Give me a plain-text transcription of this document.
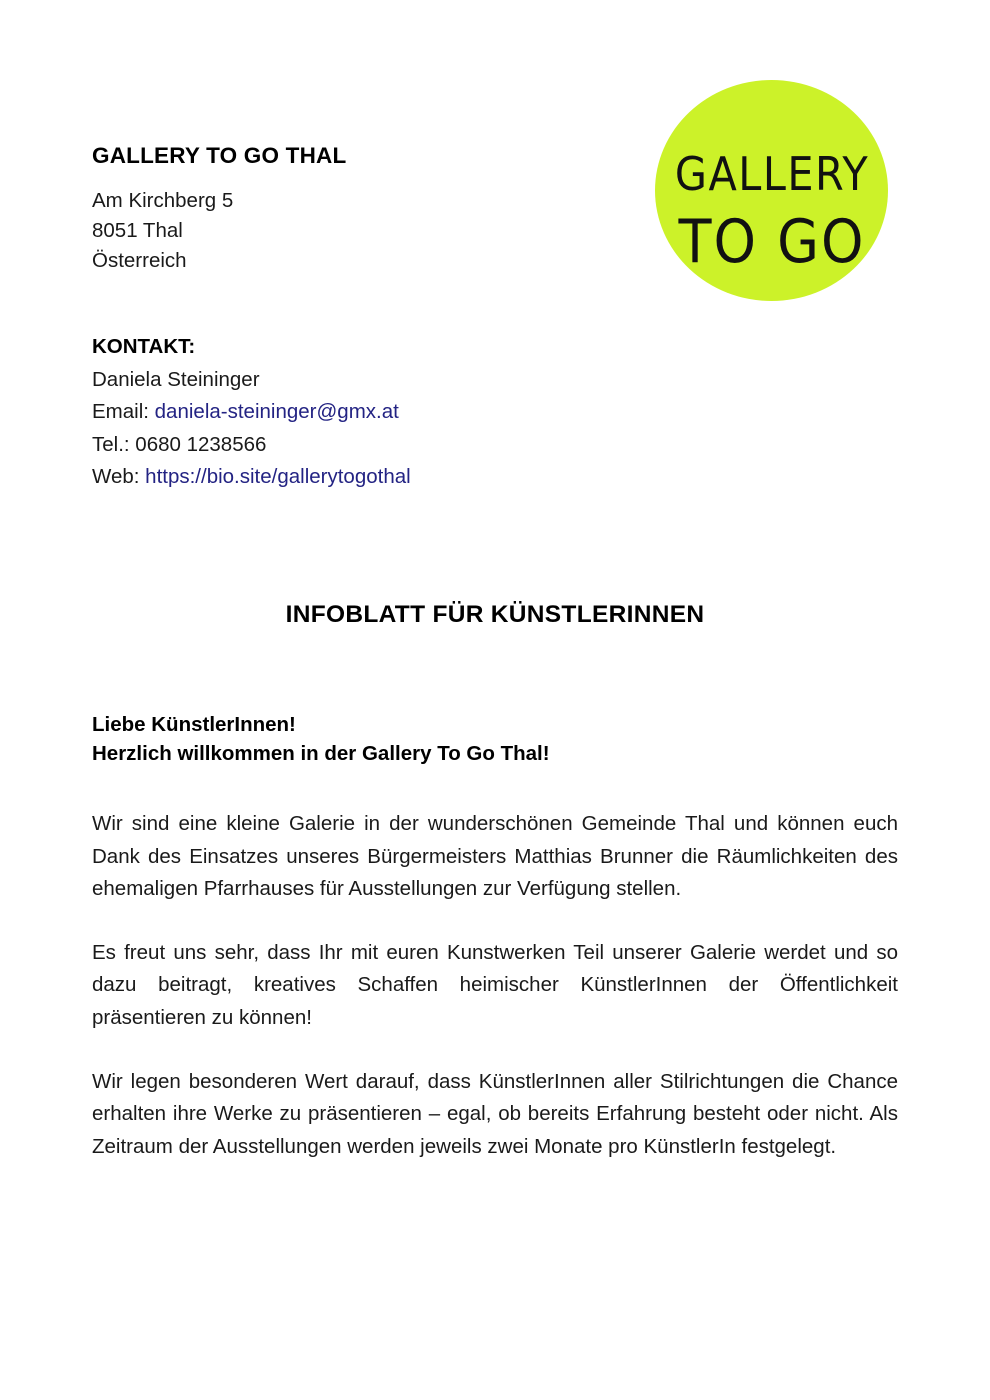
GALLERY
TO GO
GALLERY TO GO THAL
Am Kirchberg 5
8051 Thal
Österreich
KONTAKT:
Daniela Steininger
Email: daniela-steininger@gmx.at
Tel.: 0680 1238566
Web: https://bio.site/gallerytogothal
INFOBLATT FÜR KÜNSTLERINNEN
Liebe KünstlerInnen!
Herzlich willkommen in der Gallery To Go Thal!

Wir sind eine kleine Galerie in der wunderschönen Gemeinde Thal und können euch Dank des Einsatzes unseres Bürgermeisters Matthias Brunner die Räumlichkeiten des ehemaligen Pfarrhauses für Ausstellungen zur Verfügung stellen.

Es freut uns sehr, dass Ihr mit euren Kunstwerken Teil unserer Galerie werdet und so dazu beitragt, kreatives Schaffen heimischer KünstlerInnen der Öffentlichkeit präsentieren zu können!

Wir legen besonderen Wert darauf, dass KünstlerInnen aller Stilrichtungen die Chance erhalten ihre Werke zu präsentieren – egal, ob bereits Erfahrung besteht oder nicht. Als Zeitraum der Ausstellungen werden jeweils zwei Monate pro KünstlerIn festgelegt.
